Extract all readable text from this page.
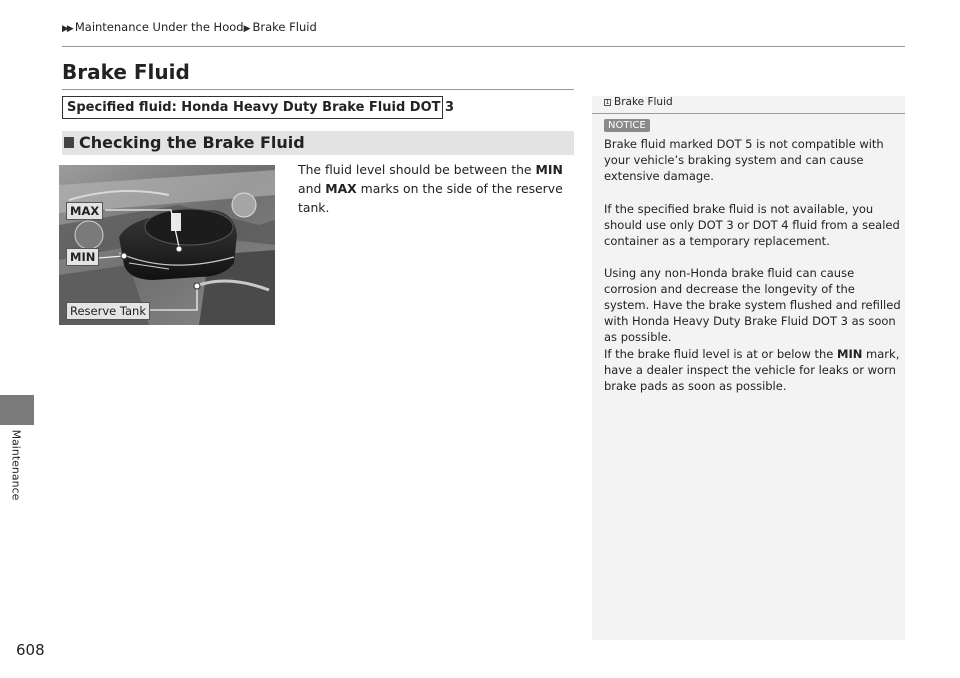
▶▶ Maintenance Under the Hood▶ Brake Fluid
Maintenance
608
Brake Fluid
Specified fluid: Honda Heavy Duty Brake Fluid DOT 3
Checking the Brake Fluid
MAX
MIN
Reserve Tank
The fluid level should be between the MIN and MAX marks on the side of the reserve tank.
1 Brake Fluid
NOTICE
Brake fluid marked DOT 5 is not compatible with your vehicle’s braking system and can cause extensive damage.
If the specified brake fluid is not available, you should use only DOT 3 or DOT 4 fluid from a sealed container as a temporary replacement.
Using any non-Honda brake fluid can cause corrosion and decrease the longevity of the system. Have the brake system flushed and refilled with Honda Heavy Duty Brake Fluid DOT 3 as soon as possible.
If the brake fluid level is at or below the MIN mark, have a dealer inspect the vehicle for leaks or worn brake pads as soon as possible.
